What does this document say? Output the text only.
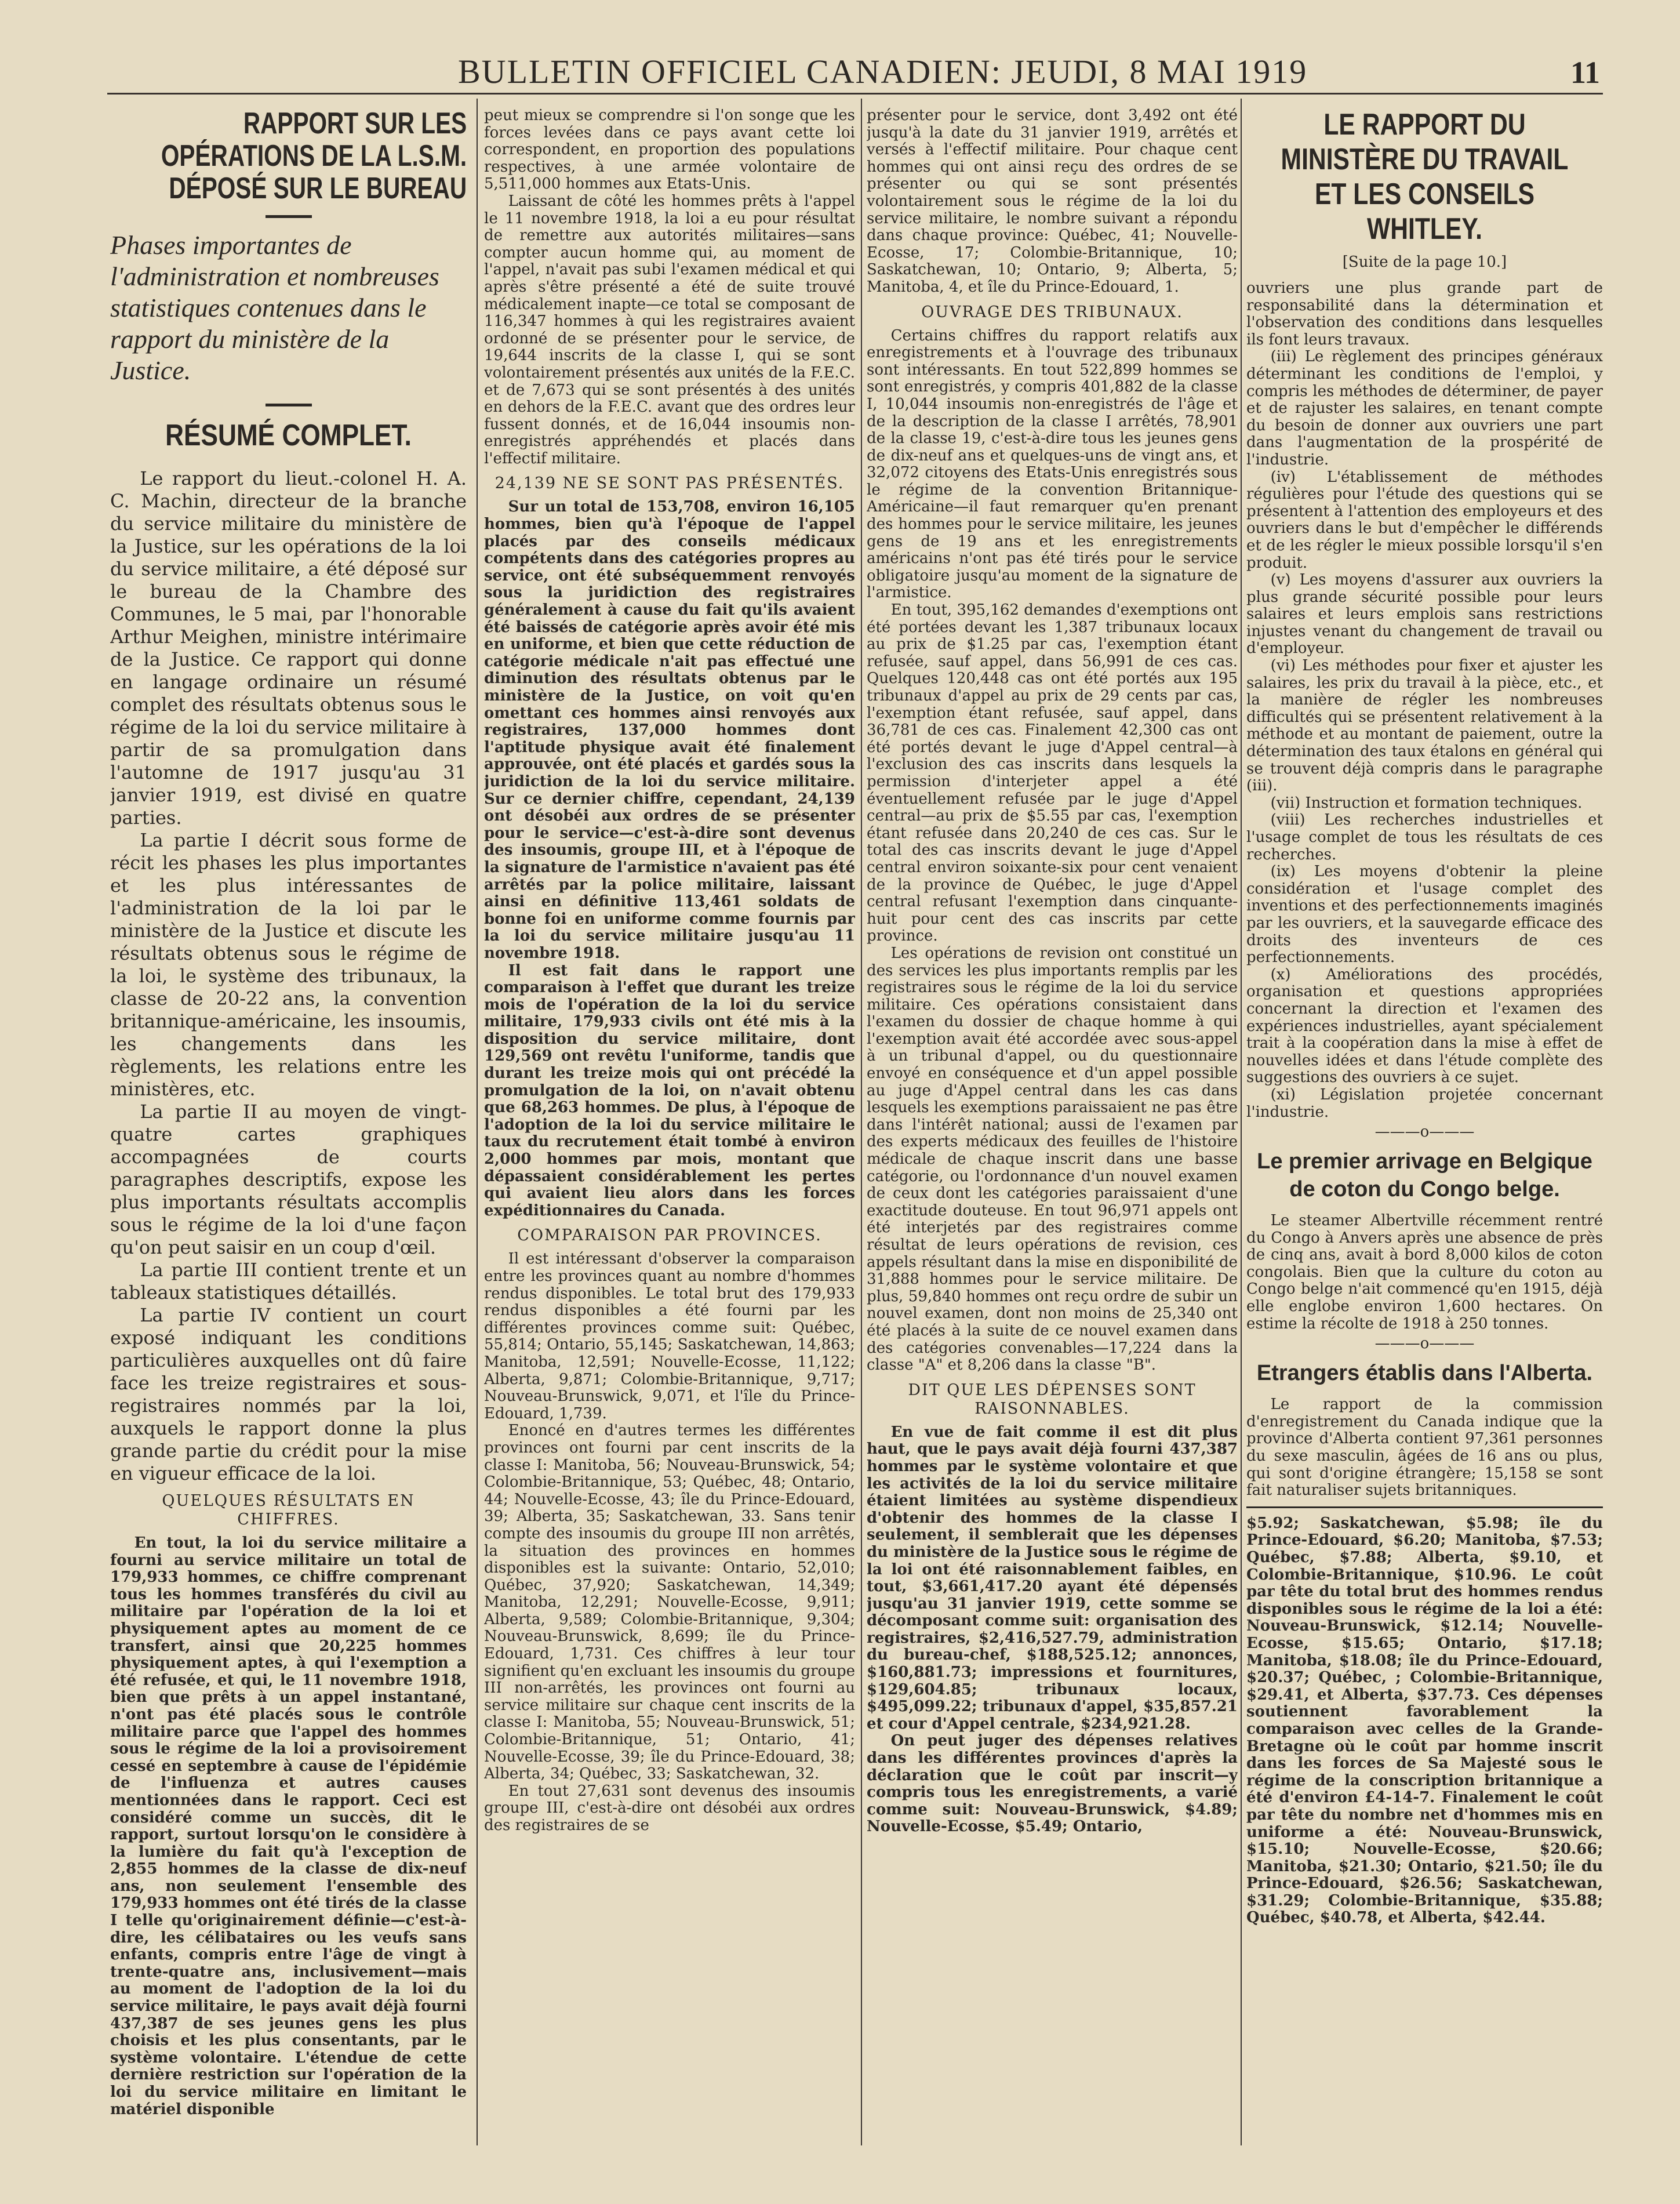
BULLETIN OFFICIEL CANADIEN: JEUDI, 8 MAI 1919	11
RAPPORT SUR LES OPÉRATIONS DE LA L.S.M. DÉPOSÉ SUR LE BUREAU
Phases importantes de l'administration et nombreuses statistiques contenues dans le rapport du ministère de la Justice.
RÉSUMÉ COMPLET.

Le rapport du lieut.-colonel H. A. C. Machin, directeur de la branche du service militaire du ministère de la Justice, sur les opérations de la loi du service militaire, a été déposé sur le bureau de la Chambre des Communes, le 5 mai, par l'honorable Arthur Meighen, ministre intérimaire de la Justice. Ce rapport qui donne en langage ordinaire un résumé complet des résultats obtenus sous le régime de la loi du service militaire à partir de sa promulgation dans l'automne de 1917 jusqu'au 31 janvier 1919, est divisé en quatre parties.

La partie I décrit sous forme de récit les phases les plus importantes et les plus intéressantes de l'administration de la loi par le ministère de la Justice et discute les résultats obtenus sous le régime de la loi, le système des tribunaux, la classe de 20-22 ans, la convention britannique-américaine, les insoumis, les changements dans les règlements, les relations entre les ministères, etc.

La partie II au moyen de vingt-quatre cartes graphiques accompagnées de courts paragraphes descriptifs, expose les plus importants résultats accomplis sous le régime de la loi d'une façon qu'on peut saisir en un coup d'œil.

La partie III contient trente et un tableaux statistiques détaillés.

La partie IV contient un court exposé indiquant les conditions particulières auxquelles ont dû faire face les treize registraires et sous-registraires nommés par la loi, auxquels le rapport donne la plus grande partie du crédit pour la mise en vigueur efficace de la loi.

QUELQUES RÉSULTATS EN CHIFFRES.

En tout, la loi du service militaire a fourni au service militaire un total de 179,933 hommes, ce chiffre comprenant tous les hommes transférés du civil au militaire par l'opération de la loi et physiquement aptes au moment de ce transfert, ainsi que 20,225 hommes physiquement aptes, à qui l'exemption a été refusée, et qui, le 11 novembre 1918, bien que prêts à un appel instantané, n'ont pas été placés sous le contrôle militaire parce que l'appel des hommes sous le régime de la loi a provisoirement cessé en septembre à cause de l'épidémie de l'influenza et autres causes mentionnées dans le rapport. Ceci est considéré comme un succès, dit le rapport, surtout lorsqu'on le considère à la lumière du fait qu'à l'exception de 2,855 hommes de la classe de dix-neuf ans, non seulement l'ensemble des 179,933 hommes ont été tirés de la classe I telle qu'originairement définie—c'est-à-dire, les célibataires ou les veufs sans enfants, compris entre l'âge de vingt à trente-quatre ans, inclusivement—mais au moment de l'adoption de la loi du service militaire, le pays avait déjà fourni 437,387 de ses jeunes gens les plus choisis et les plus consentants, par le système volontaire. L'étendue de cette dernière restriction sur l'opération de la loi du service militaire en limitant le matériel disponible

peut mieux se comprendre si l'on songe que les forces levées dans ce pays avant cette loi correspondent, en proportion des populations respectives, à une armée volontaire de 5,511,000 hommes aux Etats-Unis.

Laissant de côté les hommes prêts à l'appel le 11 novembre 1918, la loi a eu pour résultat de remettre aux autorités militaires—sans compter aucun homme qui, au moment de l'appel, n'avait pas subi l'examen médical et qui après s'être présenté a été de suite trouvé médicalement inapte—ce total se composant de 116,347 hommes à qui les registraires avaient ordonné de se présenter pour le service, de 19,644 inscrits de la classe I, qui se sont volontairement présentés aux unités de la F.E.C. et de 7,673 qui se sont présentés à des unités en dehors de la F.E.C. avant que des ordres leur fussent donnés, et de 16,044 insoumis non-enregistrés appréhendés et placés dans l'effectif militaire.

24,139 NE SE SONT PAS PRÉSENTÉS.

Sur un total de 153,708, environ 16,105 hommes, bien qu'à l'époque de l'appel placés par des conseils médicaux compétents dans des catégories propres au service, ont été subséquemment renvoyés sous la juridiction des registraires généralement à cause du fait qu'ils avaient été baissés de catégorie après avoir été mis en uniforme, et bien que cette réduction de catégorie médicale n'ait pas effectué une diminution des résultats obtenus par le ministère de la Justice, on voit qu'en omettant ces hommes ainsi renvoyés aux registraires, 137,000 hommes dont l'aptitude physique avait été finalement approuvée, ont été placés et gardés sous la juridiction de la loi du service militaire. Sur ce dernier chiffre, cependant, 24,139 ont désobéi aux ordres de se présenter pour le service—c'est-à-dire sont devenus des insoumis, groupe III, et à l'époque de la signature de l'armistice n'avaient pas été arrêtés par la police militaire, laissant ainsi en définitive 113,461 soldats de bonne foi en uniforme comme fournis par la loi du service militaire jusqu'au 11 novembre 1918.

Il est fait dans le rapport une comparaison à l'effet que durant les treize mois de l'opération de la loi du service militaire, 179,933 civils ont été mis à la disposition du service militaire, dont 129,569 ont revêtu l'uniforme, tandis que durant les treize mois qui ont précédé la promulgation de la loi, on n'avait obtenu que 68,263 hommes. De plus, à l'époque de l'adoption de la loi du service militaire le taux du recrutement était tombé à environ 2,000 hommes par mois, montant que dépassaient considérablement les pertes qui avaient lieu alors dans les forces expéditionnaires du Canada.

COMPARAISON PAR PROVINCES.

Il est intéressant d'observer la comparaison entre les provinces quant au nombre d'hommes rendus disponibles. Le total brut des 179,933 rendus disponibles a été fourni par les différentes provinces comme suit: Québec, 55,814; Ontario, 55,145; Saskatchewan, 14,863; Manitoba, 12,591; Nouvelle-Ecosse, 11,122; Alberta, 9,871; Colombie-Britannique, 9,717; Nouveau-Brunswick, 9,071, et l'île du Prince-Edouard, 1,739.

Enoncé en d'autres termes les différentes provinces ont fourni par cent inscrits de la classe I: Manitoba, 56; Nouveau-Brunswick, 54; Colombie-Britannique, 53; Québec, 48; Ontario, 44; Nouvelle-Ecosse, 43; île du Prince-Edouard, 39; Alberta, 35; Saskatchewan, 33. Sans tenir compte des insoumis du groupe III non arrêtés, la situation des provinces en hommes disponibles est la suivante: Ontario, 52,010; Québec, 37,920; Saskatchewan, 14,349; Manitoba, 12,291; Nouvelle-Ecosse, 9,911; Alberta, 9,589; Colombie-Britannique, 9,304; Nouveau-Brunswick, 8,699; île du Prince-Edouard, 1,731. Ces chiffres à leur tour signifient qu'en excluant les insoumis du groupe III non-arrêtés, les provinces ont fourni au service militaire sur chaque cent inscrits de la classe I: Manitoba, 55; Nouveau-Brunswick, 51; Colombie-Britannique, 51; Ontario, 41; Nouvelle-Ecosse, 39; île du Prince-Edouard, 38; Alberta, 34; Québec, 33; Saskatchewan, 32.

En tout 27,631 sont devenus des insoumis groupe III, c'est-à-dire ont désobéi aux ordres des registraires de se

présenter pour le service, dont 3,492 ont été jusqu'à la date du 31 janvier 1919, arrêtés et versés à l'effectif militaire. Pour chaque cent hommes qui ont ainsi reçu des ordres de se présenter ou qui se sont présentés volontairement sous le régime de la loi du service militaire, le nombre suivant a répondu dans chaque province: Québec, 41; Nouvelle-Ecosse, 17; Colombie-Britannique, 10; Saskatchewan, 10; Ontario, 9; Alberta, 5; Manitoba, 4, et île du Prince-Edouard, 1.

OUVRAGE DES TRIBUNAUX.

Certains chiffres du rapport relatifs aux enregistrements et à l'ouvrage des tribunaux sont intéressants. En tout 522,899 hommes se sont enregistrés, y compris 401,882 de la classe I, 10,044 insoumis non-enregistrés de l'âge et de la description de la classe I arrêtés, 78,901 de la classe 19, c'est-à-dire tous les jeunes gens de dix-neuf ans et quelques-uns de vingt ans, et 32,072 citoyens des Etats-Unis enregistrés sous le régime de la convention Britannique-Américaine—il faut remarquer qu'en prenant des hommes pour le service militaire, les jeunes gens de 19 ans et les enregistrements américains n'ont pas été tirés pour le service obligatoire jusqu'au moment de la signature de l'armistice.

En tout, 395,162 demandes d'exemptions ont été portées devant les 1,387 tribunaux locaux au prix de $1.25 par cas, l'exemption étant refusée, sauf appel, dans 56,991 de ces cas. Quelques 120,448 cas ont été portés aux 195 tribunaux d'appel au prix de 29 cents par cas, l'exemption étant refusée, sauf appel, dans 36,781 de ces cas. Finalement 42,300 cas ont été portés devant le juge d'Appel central—à l'exclusion des cas inscrits dans lesquels la permission d'interjeter appel a été éventuellement refusée par le juge d'Appel central—au prix de $5.55 par cas, l'exemption étant refusée dans 20,240 de ces cas. Sur le total des cas inscrits devant le juge d'Appel central environ soixante-six pour cent venaient de la province de Québec, le juge d'Appel central refusant l'exemption dans cinquante-huit pour cent des cas inscrits par cette province.

Les opérations de revision ont constitué un des services les plus importants remplis par les registraires sous le régime de la loi du service militaire. Ces opérations consistaient dans l'examen du dossier de chaque homme à qui l'exemption avait été accordée avec sous-appel à un tribunal d'appel, ou du questionnaire envoyé en conséquence et d'un appel possible au juge d'Appel central dans les cas dans lesquels les exemptions paraissaient ne pas être dans l'intérêt national; aussi de l'examen par des experts médicaux des feuilles de l'histoire médicale de chaque inscrit dans une basse catégorie, ou l'ordonnance d'un nouvel examen de ceux dont les catégories paraissaient d'une exactitude douteuse. En tout 96,971 appels ont été interjetés par des registraires comme résultat de leurs opérations de revision, ces appels résultant dans la mise en disponibilité de 31,888 hommes pour le service militaire. De plus, 59,840 hommes ont reçu ordre de subir un nouvel examen, dont non moins de 25,340 ont été placés à la suite de ce nouvel examen dans des catégories convenables—17,224 dans la classe "A" et 8,206 dans la classe "B".

DIT QUE LES DÉPENSES SONT RAISONNABLES.

En vue de fait comme il est dit plus haut, que le pays avait déjà fourni 437,387 hommes par le système volontaire et que les activités de la loi du service militaire étaient limitées au système dispendieux d'obtenir des hommes de la classe I seulement, il semblerait que les dépenses du ministère de la Justice sous le régime de la loi ont été raisonnablement faibles, en tout, $3,661,417.20 ayant été dépensés jusqu'au 31 janvier 1919, cette somme se décomposant comme suit: organisation des registraires, $2,416,527.79, administration du bureau-chef, $188,525.12; annonces, $160,881.73; impressions et fournitures, $129,604.85; tribunaux locaux, $495,099.22; tribunaux d'appel, $35,857.21 et cour d'Appel centrale, $234,921.28.

On peut juger des dépenses relatives dans les différentes provinces d'après la déclaration que le coût par inscrit—y compris tous les enregistrements, a varié comme suit: Nouveau-Brunswick, $4.89; Nouvelle-Ecosse, $5.49; Ontario,

LE RAPPORT DU MINISTÈRE DU TRAVAIL ET LES CONSEILS WHITLEY.
[Suite de la page 10.]

ouvriers une plus grande part de responsabilité dans la détermination et l'observation des conditions dans lesquelles ils font leurs travaux.

(iii) Le règlement des principes généraux déterminant les conditions de l'emploi, y compris les méthodes de déterminer, de payer et de rajuster les salaires, en tenant compte du besoin de donner aux ouvriers une part dans l'augmentation de la prospérité de l'industrie.

(iv) L'établissement de méthodes régulières pour l'étude des questions qui se présentent à l'attention des employeurs et des ouvriers dans le but d'empêcher le différends et de les régler le mieux possible lorsqu'il s'en produit.

(v) Les moyens d'assurer aux ouvriers la plus grande sécurité possible pour leurs salaires et leurs emplois sans restrictions injustes venant du changement de travail ou d'employeur.

(vi) Les méthodes pour fixer et ajuster les salaires, les prix du travail à la pièce, etc., et la manière de régler les nombreuses difficultés qui se présentent relativement à la méthode et au montant de paiement, outre la détermination des taux étalons en général qui se trouvent déjà compris dans le paragraphe (iii).

(vii) Instruction et formation techniques.

(viii) Les recherches industrielles et l'usage complet de tous les résultats de ces recherches.

(ix) Les moyens d'obtenir la pleine considération et l'usage complet des inventions et des perfectionnements imaginés par les ouvriers, et la sauvegarde efficace des droits des inventeurs de ces perfectionnements.

(x) Améliorations des procédés, organisation et questions appropriées concernant la direction et l'examen des expériences industrielles, ayant spécialement trait à la coopération dans la mise à effet de nouvelles idées et dans l'étude complète des suggestions des ouvriers à ce sujet.

(xi) Législation projetée concernant l'industrie.

———o———
Le premier arrivage en Belgique de coton du Congo belge.

Le steamer Albertville récemment rentré du Congo à Anvers après une absence de près de cinq ans, avait à bord 8,000 kilos de coton congolais. Bien que la culture du coton au Congo belge n'ait commencé qu'en 1915, déjà elle englobe environ 1,600 hectares. On estime la récolte de 1918 à 250 tonnes.

———o———
Etrangers établis dans l'Alberta.

Le rapport de la commission d'enregistrement du Canada indique que la province d'Alberta contient 97,361 personnes du sexe masculin, âgées de 16 ans ou plus, qui sont d'origine étrangère; 15,158 se sont fait naturaliser sujets britanniques.

$5.92; Saskatchewan, $5.98; île du Prince-Edouard, $6.20; Manitoba, $7.53; Québec, $7.88; Alberta, $9.10, et Colombie-Britannique, $10.96. Le coût par tête du total brut des hommes rendus disponibles sous le régime de la loi a été: Nouveau-Brunswick, $12.14; Nouvelle-Ecosse, $15.65; Ontario, $17.18; Manitoba, $18.08; île du Prince-Edouard, $20.37; Québec, ; Colombie-Britannique, $29.41, et Alberta, $37.73. Ces dépenses soutiennent favorablement la comparaison avec celles de la Grande-Bretagne où le coût par homme inscrit dans les forces de Sa Majesté sous le régime de la conscription britannique a été d'environ £4-14-7. Finalement le coût par tête du nombre net d'hommes mis en uniforme a été: Nouveau-Brunswick, $15.10; Nouvelle-Ecosse, $20.66; Manitoba, $21.30; Ontario, $21.50; île du Prince-Edouard, $26.56; Saskatchewan, $31.29; Colombie-Britannique, $35.88; Québec, $40.78, et Alberta, $42.44.
